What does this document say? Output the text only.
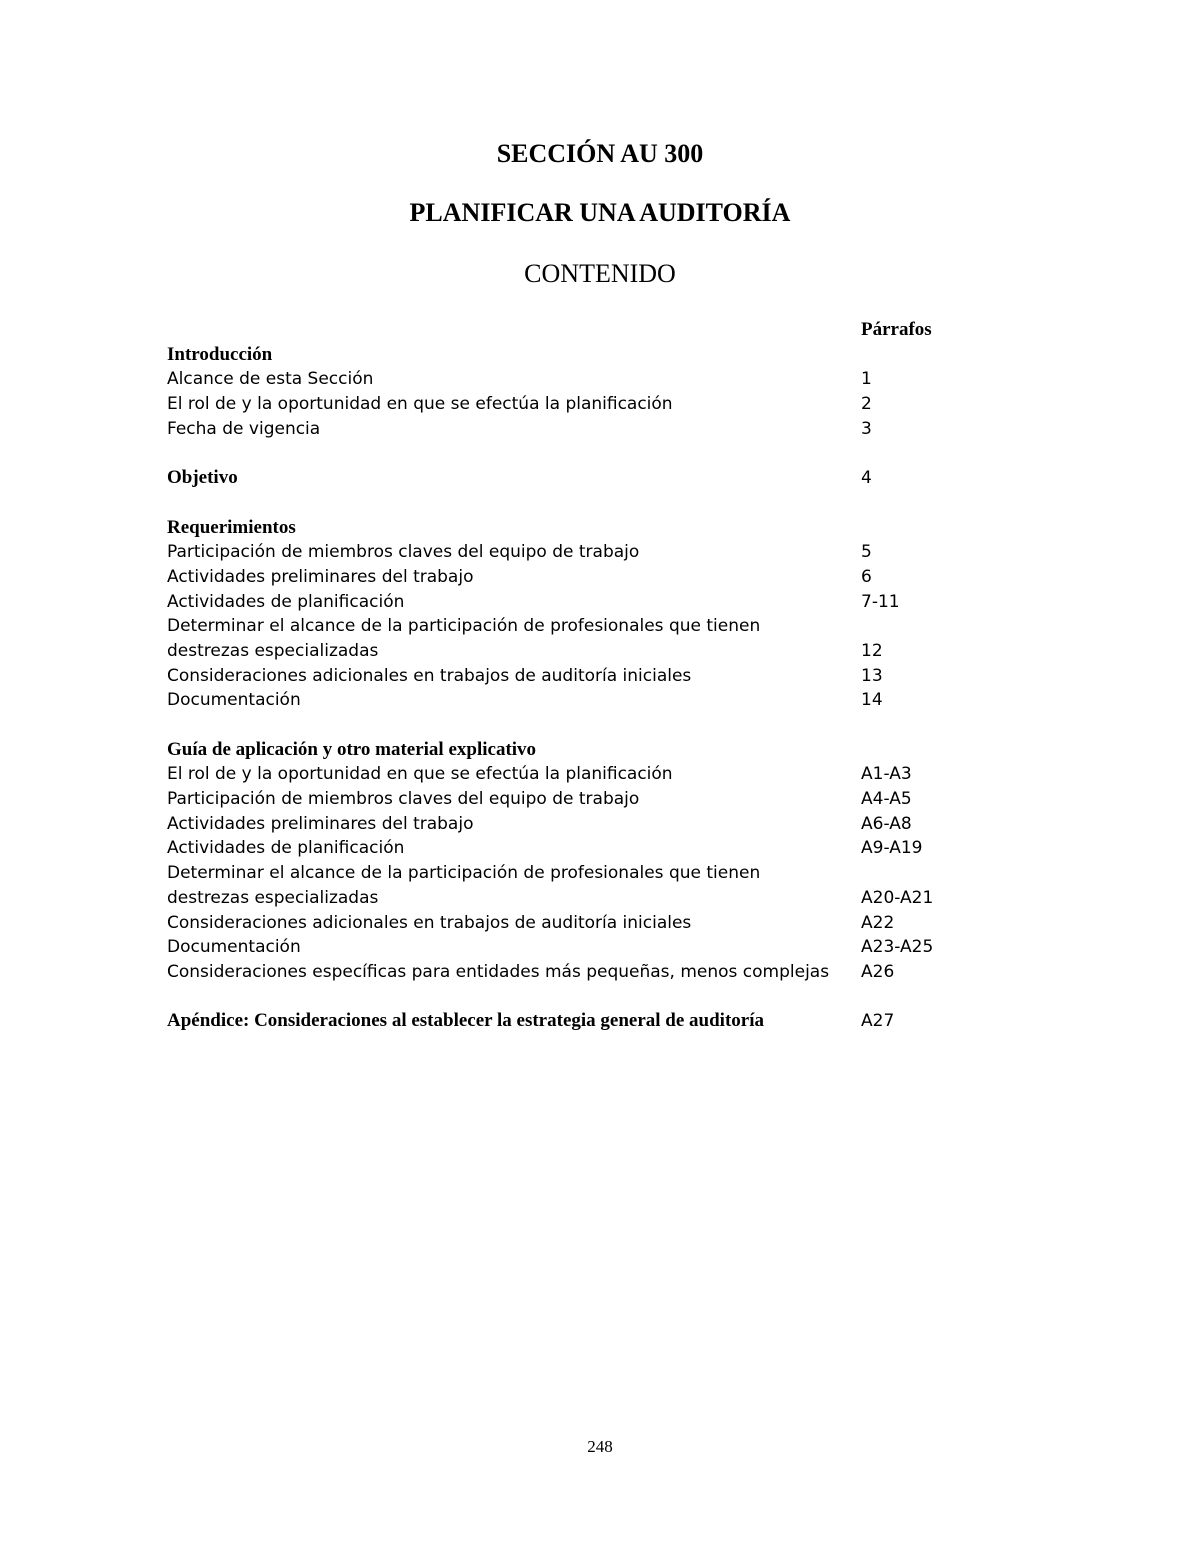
SECCIÓN AU 300
PLANIFICAR UNA AUDITORÍA
CONTENIDO
Párrafos
Introducción
Alcance de esta Sección	1
El rol de y la oportunidad en que se efectúa la planificación	2
Fecha de vigencia	3
Objetivo	4
Requerimientos
Participación de miembros claves del equipo de trabajo	5
Actividades preliminares del trabajo	6
Actividades de planificación	7-11
Determinar el alcance de la participación de profesionales que tienen
destrezas especializadas	12
Consideraciones adicionales en trabajos de auditoría iniciales	13
Documentación	14
Guía de aplicación y otro material explicativo
El rol de y la oportunidad en que se efectúa la planificación	A1-A3
Participación de miembros claves del equipo de trabajo	A4-A5
Actividades preliminares del trabajo	A6-A8
Actividades de planificación	A9-A19
Determinar el alcance de la participación de profesionales que tienen
destrezas especializadas	A20-A21
Consideraciones adicionales en trabajos de auditoría iniciales	A22
Documentación	A23-A25
Consideraciones específicas para entidades más pequeñas, menos complejas	A26
Apéndice: Consideraciones al establecer la estrategia general de auditoría	A27
248
